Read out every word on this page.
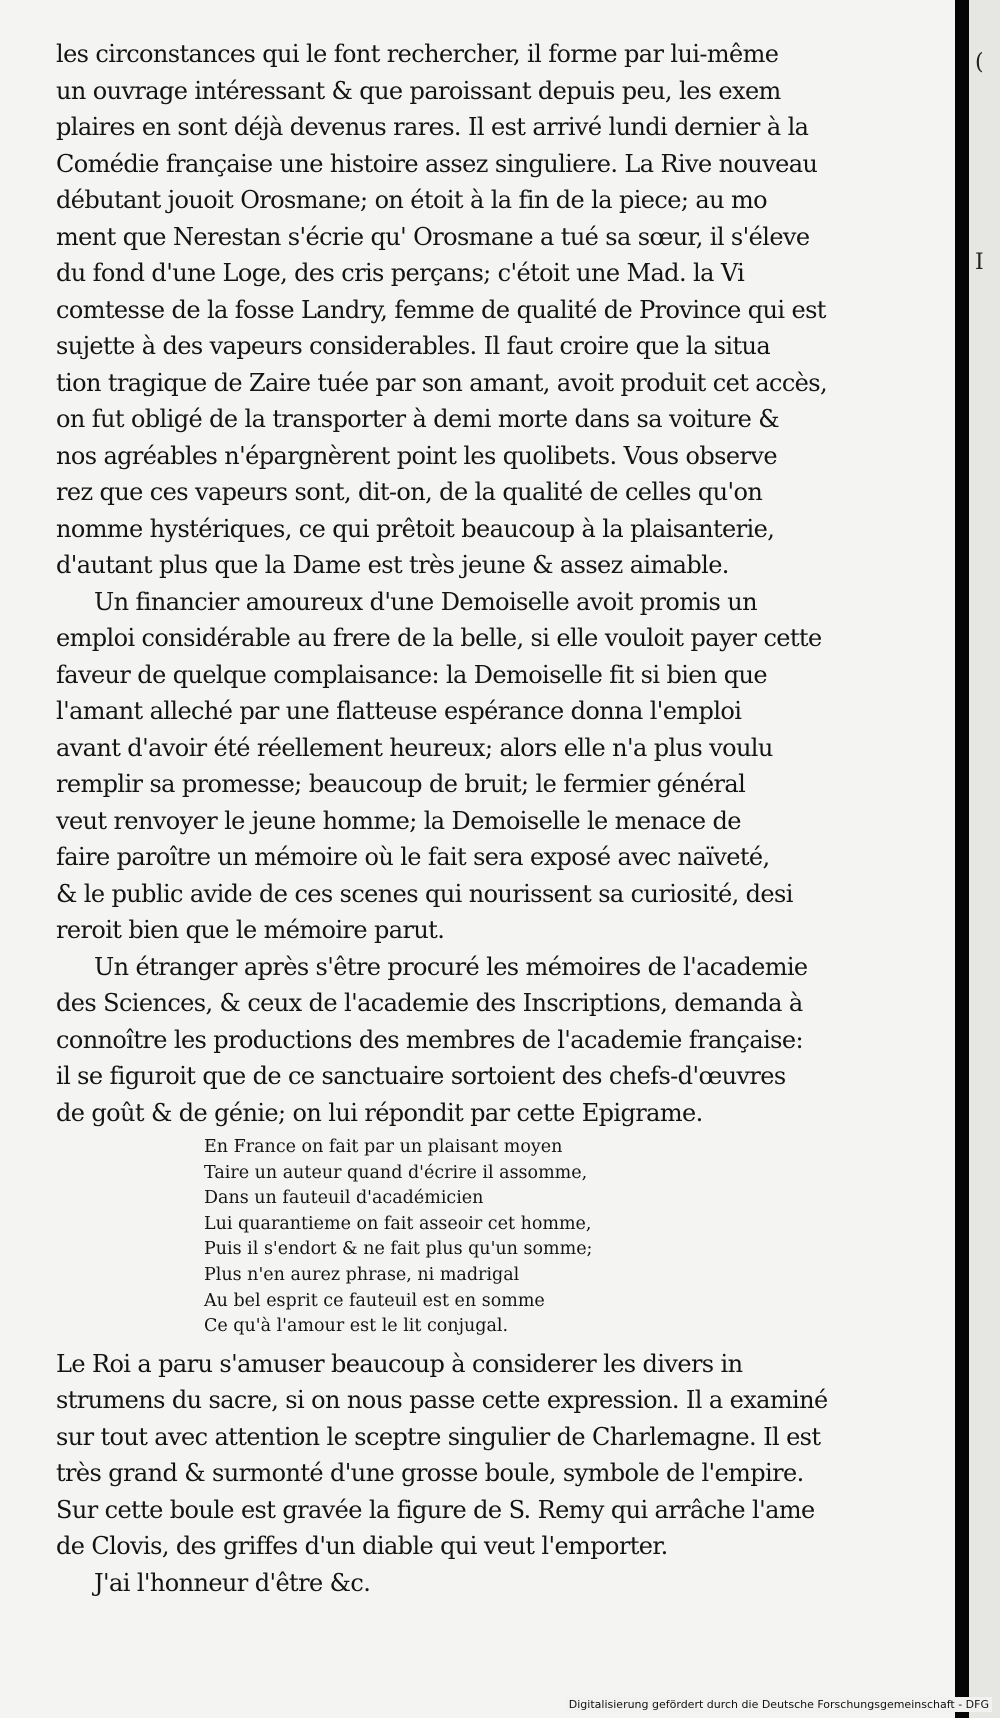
les circonstances qui le font rechercher, il forme par lui-même
un ouvrage intéressant & que paroissant depuis peu, les exem
plaires en sont déjà devenus rares. Il est arrivé lundi dernier à la
Comédie française une histoire assez singuliere. La Rive nouveau
débutant jouoit Orosmane; on étoit à la fin de la piece; au mo
ment que Nerestan s'écrie qu' Orosmane a tué sa sœur, il s'éleve
du fond d'une Loge, des cris perçans; c'étoit une Mad. la Vi
comtesse de la fosse Landry, femme de qualité de Province qui est
sujette à des vapeurs considerables. Il faut croire que la situa
tion tragique de Zaire tuée par son amant, avoit produit cet accès,
on fut obligé de la transporter à demi morte dans sa voiture &
nos agréables n'épargnèrent point les quolibets. Vous observe
rez que ces vapeurs sont, dit-on, de la qualité de celles qu'on
nomme hystériques, ce qui prêtoit beaucoup à la plaisanterie,
d'autant plus que la Dame est très jeune & assez aimable.
Un financier amoureux d'une Demoiselle avoit promis un
emploi considérable au frere de la belle, si elle vouloit payer cette
faveur de quelque complaisance: la Demoiselle fit si bien que
l'amant alleché par une flatteuse espérance donna l'emploi
avant d'avoir été réellement heureux; alors elle n'a plus voulu
remplir sa promesse; beaucoup de bruit; le fermier général
veut renvoyer le jeune homme; la Demoiselle le menace de
faire paroître un mémoire où le fait sera exposé avec naïveté,
& le public avide de ces scenes qui nourissent sa curiosité, desi
reroit bien que le mémoire parut.
Un étranger après s'être procuré les mémoires de l'academie
des Sciences, & ceux de l'academie des Inscriptions, demanda à
connoître les productions des membres de l'academie française:
il se figuroit que de ce sanctuaire sortoient des chefs-d'œuvres
de goût & de génie; on lui répondit par cette Epigrame.
En France on fait par un plaisant moyen
Taire un auteur quand d'écrire il assomme,
Dans un fauteuil d'académicien
Lui quarantieme on fait asseoir cet homme,
Puis il s'endort & ne fait plus qu'un somme;
Plus n'en aurez phrase, ni madrigal
Au bel esprit ce fauteuil est en somme
Ce qu'à l'amour est le lit conjugal.
Le Roi a paru s'amuser beaucoup à considerer les divers in
strumens du sacre, si on nous passe cette expression. Il a examiné
sur tout avec attention le sceptre singulier de Charlemagne. Il est
très grand & surmonté d'une grosse boule, symbole de l'empire.
Sur cette boule est gravée la figure de S. Remy qui arrâche l'ame
de Clovis, des griffes d'un diable qui veut l'emporter.
J'ai l'honneur d'être &c.
(
I
Digitalisierung gefördert durch die Deutsche Forschungsgemeinschaft - DFG
